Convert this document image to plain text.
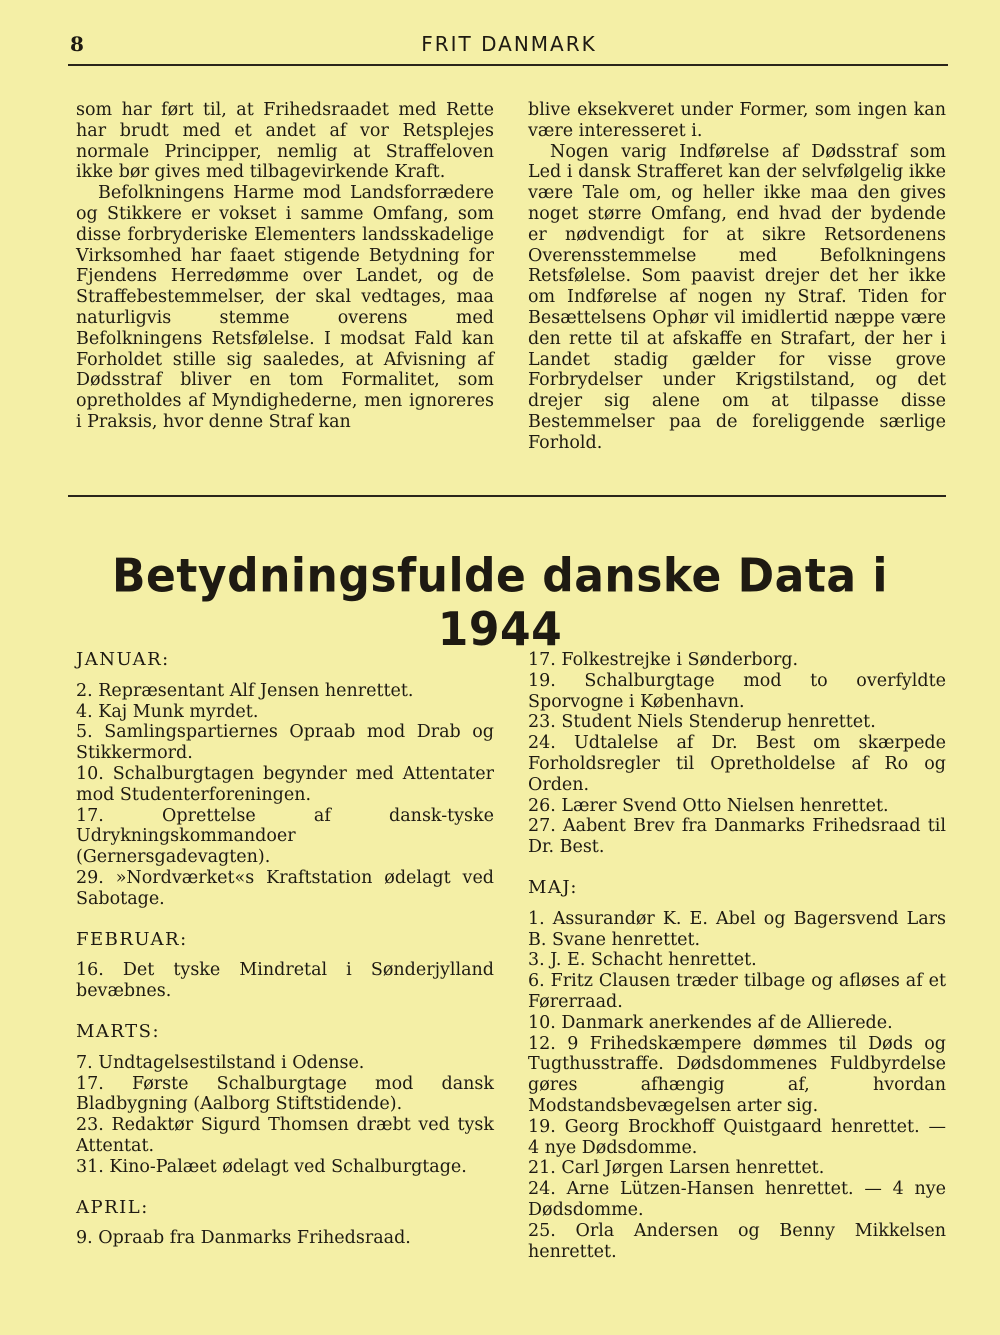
8	FRIT DANMARK

som har ført til, at Frihedsraadet med Rette har brudt med et andet af vor Retsplejes normale Principper, nemlig at Straffeloven ikke bør gives med tilbagevirkende Kraft.

Befolkningens Harme mod Landsforrædere og Stikkere er vokset i samme Omfang, som disse forbryderiske Elementers landsskadelige Virksomhed har faaet stigende Betydning for Fjendens Herredømme over Landet, og de Straffebestemmelser, der skal vedtages, maa naturligvis stemme overens med Befolkningens Retsfølelse. I modsat Fald kan Forholdet stille sig saaledes, at Afvisning af Dødsstraf bliver en tom Formalitet, som opretholdes af Myndighederne, men ignoreres i Praksis, hvor denne Straf kan

blive eksekveret under Former, som ingen kan være interesseret i.

Nogen varig Indførelse af Dødsstraf som Led i dansk Strafferet kan der selvfølgelig ikke være Tale om, og heller ikke maa den gives noget større Omfang, end hvad der bydende er nødvendigt for at sikre Retsordenens Overensstemmelse med Befolkningens Retsfølelse. Som paavist drejer det her ikke om Indførelse af nogen ny Straf. Tiden for Besættelsens Ophør vil imidlertid næppe være den rette til at afskaffe en Strafart, der her i Landet stadig gælder for visse grove Forbrydelser under Krigstilstand, og det drejer sig alene om at tilpasse disse Bestemmelser paa de foreliggende særlige Forhold.

Betydningsfulde danske Data i 1944
JANUAR:

2. Repræsentant Alf Jensen henrettet.

4. Kaj Munk myrdet.

5. Samlingspartiernes Opraab mod Drab og Stikkermord.

10. Schalburgtagen begynder med Attentater mod Studenterforeningen.

17. Oprettelse af dansk-tyske Udrykningskommandoer (Gernersgadevagten).

29. »Nordværket«s Kraftstation ødelagt ved Sabotage.

FEBRUAR:

16. Det tyske Mindretal i Sønderjylland bevæbnes.

MARTS:

7. Undtagelsestilstand i Odense.

17. Første Schalburgtage mod dansk Bladbygning (Aalborg Stiftstidende).

23. Redaktør Sigurd Thomsen dræbt ved tysk Attentat.

31. Kino-Palæet ødelagt ved Schalburgtage.

APRIL:

9. Opraab fra Danmarks Frihedsraad.

17. Folkestrejke i Sønderborg.

19. Schalburgtage mod to overfyldte Sporvogne i København.

23. Student Niels Stenderup henrettet.

24. Udtalelse af Dr. Best om skærpede Forholdsregler til Opretholdelse af Ro og Orden.

26. Lærer Svend Otto Nielsen henrettet.

27. Aabent Brev fra Danmarks Frihedsraad til Dr. Best.

MAJ:

1. Assurandør K. E. Abel og Bagersvend Lars B. Svane henrettet.

3. J. E. Schacht henrettet.

6. Fritz Clausen træder tilbage og afløses af et Førerraad.

10. Danmark anerkendes af de Allierede.

12. 9 Frihedskæmpere dømmes til Døds og Tugthusstraffe. Dødsdommenes Fuldbyrdelse gøres afhængig af, hvordan Modstandsbevægelsen arter sig.

19. Georg Brockhoff Quistgaard henrettet. — 4 nye Dødsdomme.

21. Carl Jørgen Larsen henrettet.

24. Arne Lützen-Hansen henrettet. — 4 nye Dødsdomme.

25. Orla Andersen og Benny Mikkelsen henrettet.
